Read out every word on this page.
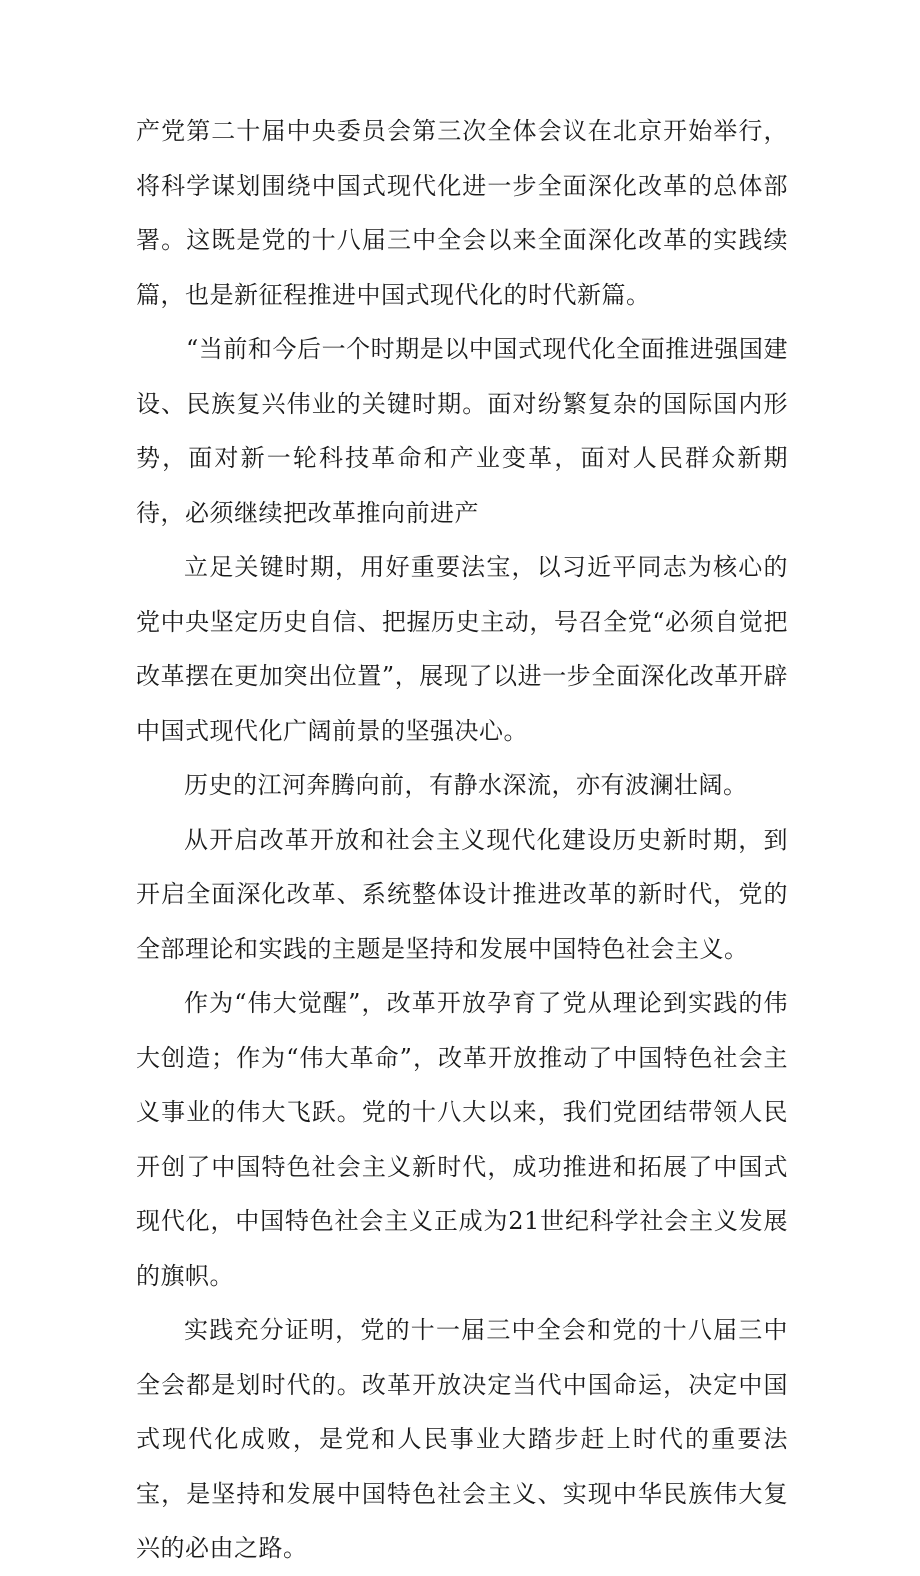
产党第二十届中央委员会第三次全体会议在北京开始举行，将科学谋划围绕中国式现代化进一步全面深化改革的总体部署。这既是党的十八届三中全会以来全面深化改革的实践续篇，也是新征程推进中国式现代化的时代新篇。

“当前和今后一个时期是以中国式现代化全面推进强国建设、民族复兴伟业的关键时期。面对纷繁复杂的国际国内形势，面对新一轮科技革命和产业变革，面对人民群众新期待，必须继续把改革推向前进产

立足关键时期，用好重要法宝，以习近平同志为核心的党中央坚定历史自信、把握历史主动，号召全党“必须自觉把改革摆在更加突出位置”，展现了以进一步全面深化改革开辟中国式现代化广阔前景的坚强决心。

历史的江河奔腾向前，有静水深流，亦有波澜壮阔。

从开启改革开放和社会主义现代化建设历史新时期，到开启全面深化改革、系统整体设计推进改革的新时代，党的全部理论和实践的主题是坚持和发展中国特色社会主义。

作为“伟大觉醒”，改革开放孕育了党从理论到实践的伟大创造；作为“伟大革命”，改革开放推动了中国特色社会主义事业的伟大飞跃。党的十八大以来，我们党团结带领人民开创了中国特色社会主义新时代，成功推进和拓展了中国式现代化，中国特色社会主义正成为21世纪科学社会主义发展的旗帜。

实践充分证明，党的十一届三中全会和党的十八届三中全会都是划时代的。改革开放决定当代中国命运，决定中国式现代化成败，是党和人民事业大踏步赶上时代的重要法宝，是坚持和发展中国特色社会主义、实现中华民族伟大复兴的必由之路。
